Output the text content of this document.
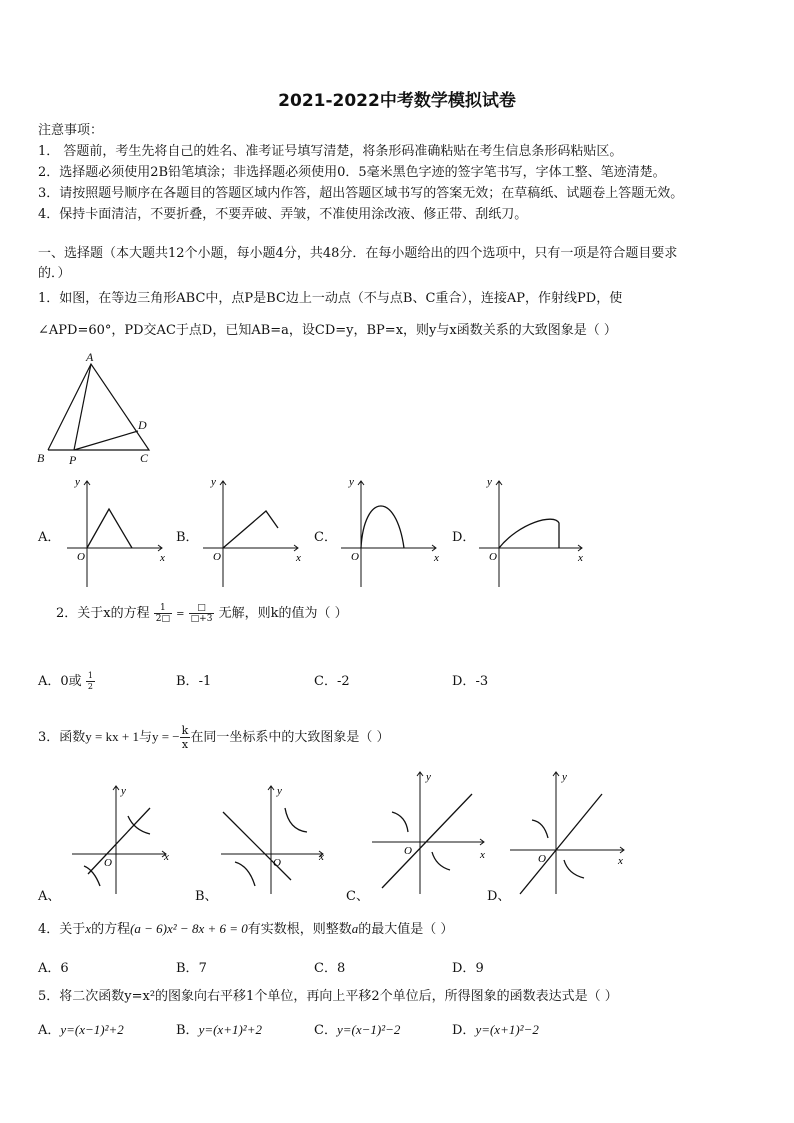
2021-2022中考数学模拟试卷
注意事项：
1． 答题前，考生先将自己的姓名、准考证号填写清楚，将条形码准确粘贴在考生信息条形码粘贴区。
2．选择题必须使用2B铅笔填涂；非选择题必须使用0．5毫米黑色字迹的签字笔书写，字体工整、笔迹清楚。
3．请按照题号顺序在各题目的答题区域内作答，超出答题区域书写的答案无效；在草稿纸、试题卷上答题无效。
4．保持卡面清洁，不要折叠，不要弄破、弄皱，不准使用涂改液、修正带、刮纸刀。
一、选择题（本大题共12个小题，每小题4分，共48分．在每小题给出的四个选项中，只有一项是符合题目要求
的．）
1．如图，在等边三角形ABC中，点P是BC边上一动点（不与点B、C重合），连接AP，作射线PD，使
∠APD=60°，PD交AC于点D，已知AB=a，设CD=y，BP=x，则y与x函数关系的大致图象是（ ）
A
B P	C
D
A．
y
x
O
B．
y
x
O
C．
y
x
O
D．
y
x
O
2．关于x的方程 $\frac{1}{2□} = \frac{□}{□+3}$ 无解，则k的值为（ ）
A．0或 $\frac{1}{2}$	B．-1	C．-2	D．-3
3．函数y = kx + 1与y = − $\frac{k}{x}$ 在同一坐标系中的大致图象是（ ）
A、
y
x
O
B、
y
x
O
C、
y
x
O
D、
y
x
O
4．关于x的方程(a − 6)x² − 8x + 6 = 0有实数根，则整数a的最大值是（ ）
A．6	B．7	C．8	D．9
5．将二次函数y=x²的图象向右平移1个单位，再向上平移2个单位后，所得图象的函数表达式是（ ）
A．y=(x−1)²+2	B．y=(x+1)²+2	C．y=(x−1)²−2	D．y=(x+1)²−2
